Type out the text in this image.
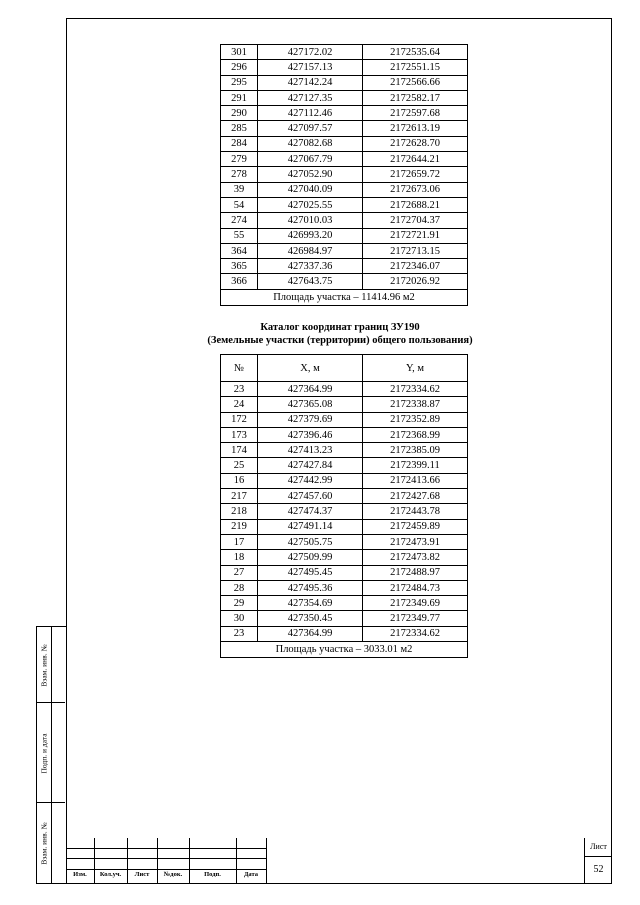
Взам. инв. №
Подп. и дата
Взам. инв. №
301	427172.02	2172535.64
296	427157.13	2172551.15
295	427142.24	2172566.66
291	427127.35	2172582.17
290	427112.46	2172597.68
285	427097.57	2172613.19
284	427082.68	2172628.70
279	427067.79	2172644.21
278	427052.90	2172659.72
39	427040.09	2172673.06
54	427025.55	2172688.21
274	427010.03	2172704.37
55	426993.20	2172721.91
364	426984.97	2172713.15
365	427337.36	2172346.07
366	427643.75	2172026.92
Площадь участка – 11414.96 м2		
Каталог координат границ ЗУ190
(Земельные участки (территории) общего пользования)
№	X, м	Y, м
23	427364.99	2172334.62
24	427365.08	2172338.87
172	427379.69	2172352.89
173	427396.46	2172368.99
174	427413.23	2172385.09
25	427427.84	2172399.11
16	427442.99	2172413.66
217	427457.60	2172427.68
218	427474.37	2172443.78
219	427491.14	2172459.89
17	427505.75	2172473.91
18	427509.99	2172473.82
27	427495.45	2172488.97
28	427495.36	2172484.73
29	427354.69	2172349.69
30	427350.45	2172349.77
23	427364.99	2172334.62
Площадь участка – 3033.01 м2		
Изм.	Кол.уч.	Лист	№док.	Подп.	Дата
Лист
52
